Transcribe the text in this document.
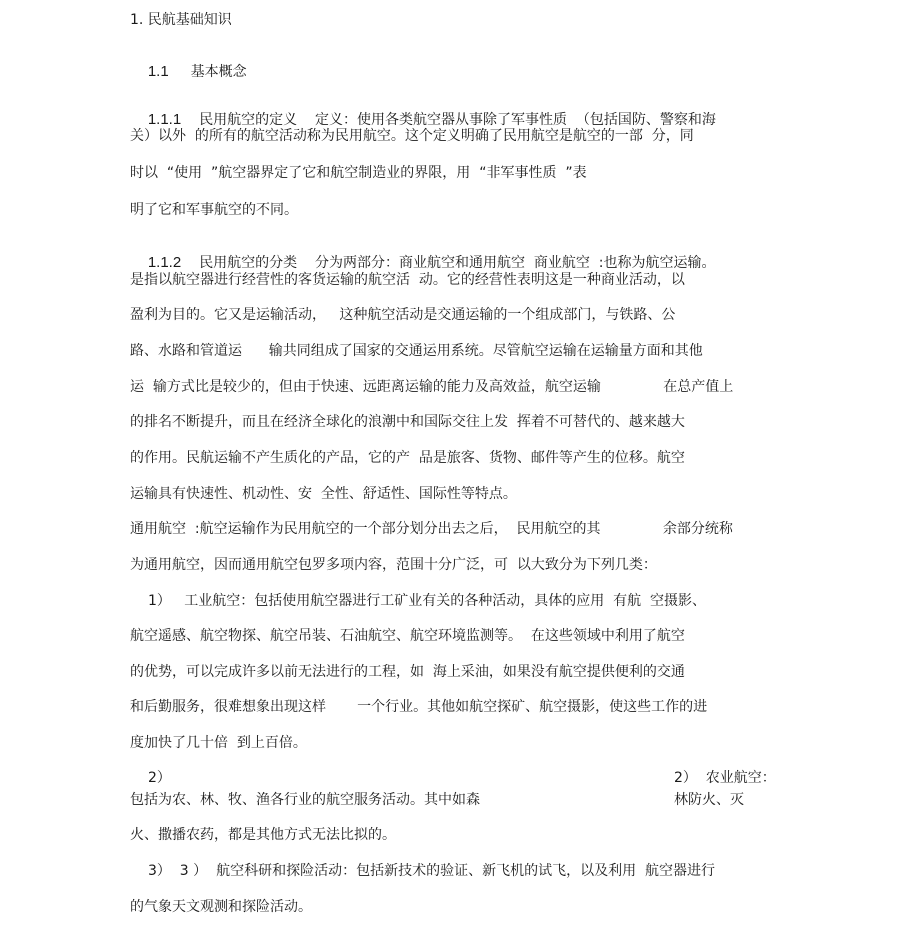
1. 民航基础知识

1.1 基本概念

1.1.1 民用航空的定义    定义：使用各类航空器从事除了军事性质  （包括国防、警察和海

关）以外  的所有的航空活动称为民用航空。这个定义明确了民用航空是航空的一部  分，同
时以  “使用  ”航空器界定了它和航空制造业的界限，用  “非军事性质  ”表
明了它和军事航空的不同。

1.1.2 民用航空的分类    分为两部分：商业航空和通用航空  商业航空  :也称为航空运输。

是指以航空器进行经营性的客货运输的航空活  动。它的经营性表明这是一种商业活动，以
盈利为目的。它又是运输活动，   这种航空活动是交通运输的一个组成部门，与铁路、公
路、水路和管道运      输共同组成了国家的交通运用系统。尽管航空运输在运输量方面和其他
运  输方式比是较少的，但由于快速、远距离运输的能力及高效益，航空运输              在总产值上
的排名不断提升，而且在经济全球化的浪潮中和国际交往上发  挥着不可替代的、越来越大
的作用。民航运输不产生质化的产品，它的产  品是旅客、货物、邮件等产生的位移。航空
运输具有快速性、机动性、安  全性、舒适性、国际性等特点。
通用航空  :航空运输作为民用航空的一个部分划分出去之后，  民用航空的其              余部分统称
为通用航空，因而通用航空包罗多项内容，范围十分广泛，可  以大致分为下列几类：
1）   工业航空：包括使用航空器进行工矿业有关的各种活动，具体的应用  有航  空摄影、
航空遥感、航空物探、航空吊装、石油航空、航空环境监测等。  在这些领域中利用了航空
的优势，可以完成许多以前无法进行的工程，如  海上采油，如果没有航空提供便利的交通
和后勤服务，很难想象出现这样       一个行业。其他如航空探矿、航空摄影，使这些工作的进
度加快了几十倍  到上百倍。
2）	2）  农业航空：
包括为农、林、牧、渔各行业的航空服务活动。其中如森	林防火、灭
火、撒播农药，都是其他方式无法比拟的。
3）  3 ）  航空科研和探险活动：包括新技术的验证、新飞机的试飞，以及利用  航空器进行
的气象天文观测和探险活动。
